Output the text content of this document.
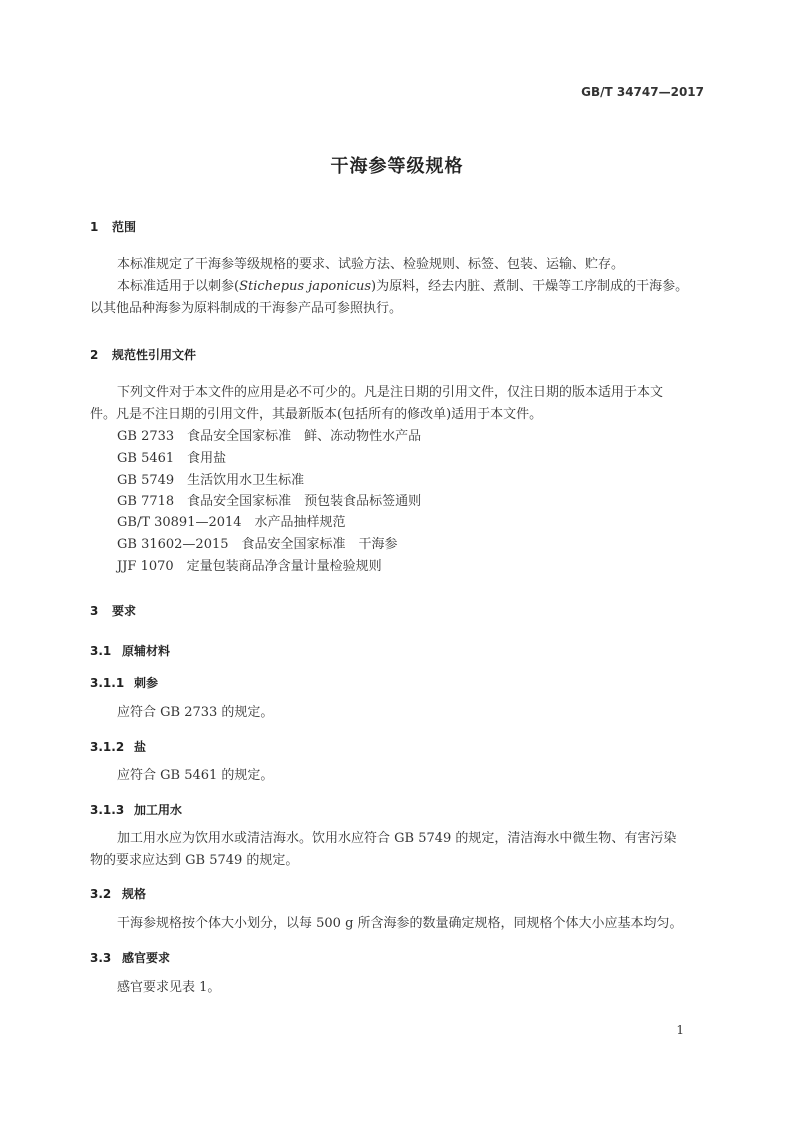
GB/T 34747—2017
干海参等级规格
1 范围
本标准规定了干海参等级规格的要求、试验方法、检验规则、标签、包装、运输、贮存。
本标准适用于以刺参(Stichepus japonicus)为原料，经去内脏、煮制、干燥等工序制成的干海参。
以其他品种海参为原料制成的干海参产品可参照执行。
2 规范性引用文件
下列文件对于本文件的应用是必不可少的。凡是注日期的引用文件，仅注日期的版本适用于本文
件。凡是不注日期的引用文件，其最新版本(包括所有的修改单)适用于本文件。
GB 2733　食品安全国家标准　鲜、冻动物性水产品
GB 5461　食用盐
GB 5749　生活饮用水卫生标准
GB 7718　食品安全国家标准　预包装食品标签通则
GB/T 30891—2014　水产品抽样规范
GB 31602—2015　食品安全国家标准　干海参
JJF 1070　定量包装商品净含量计量检验规则
3 要求
3.1 原辅材料
3.1.1 刺参
应符合 GB 2733 的规定。
3.1.2 盐
应符合 GB 5461 的规定。
3.1.3 加工用水
加工用水应为饮用水或清洁海水。饮用水应符合 GB 5749 的规定，清洁海水中微生物、有害污染
物的要求应达到 GB 5749 的规定。
3.2 规格
干海参规格按个体大小划分，以每 500 g 所含海参的数量确定规格，同规格个体大小应基本均匀。
3.3 感官要求
感官要求见表 1。
1
